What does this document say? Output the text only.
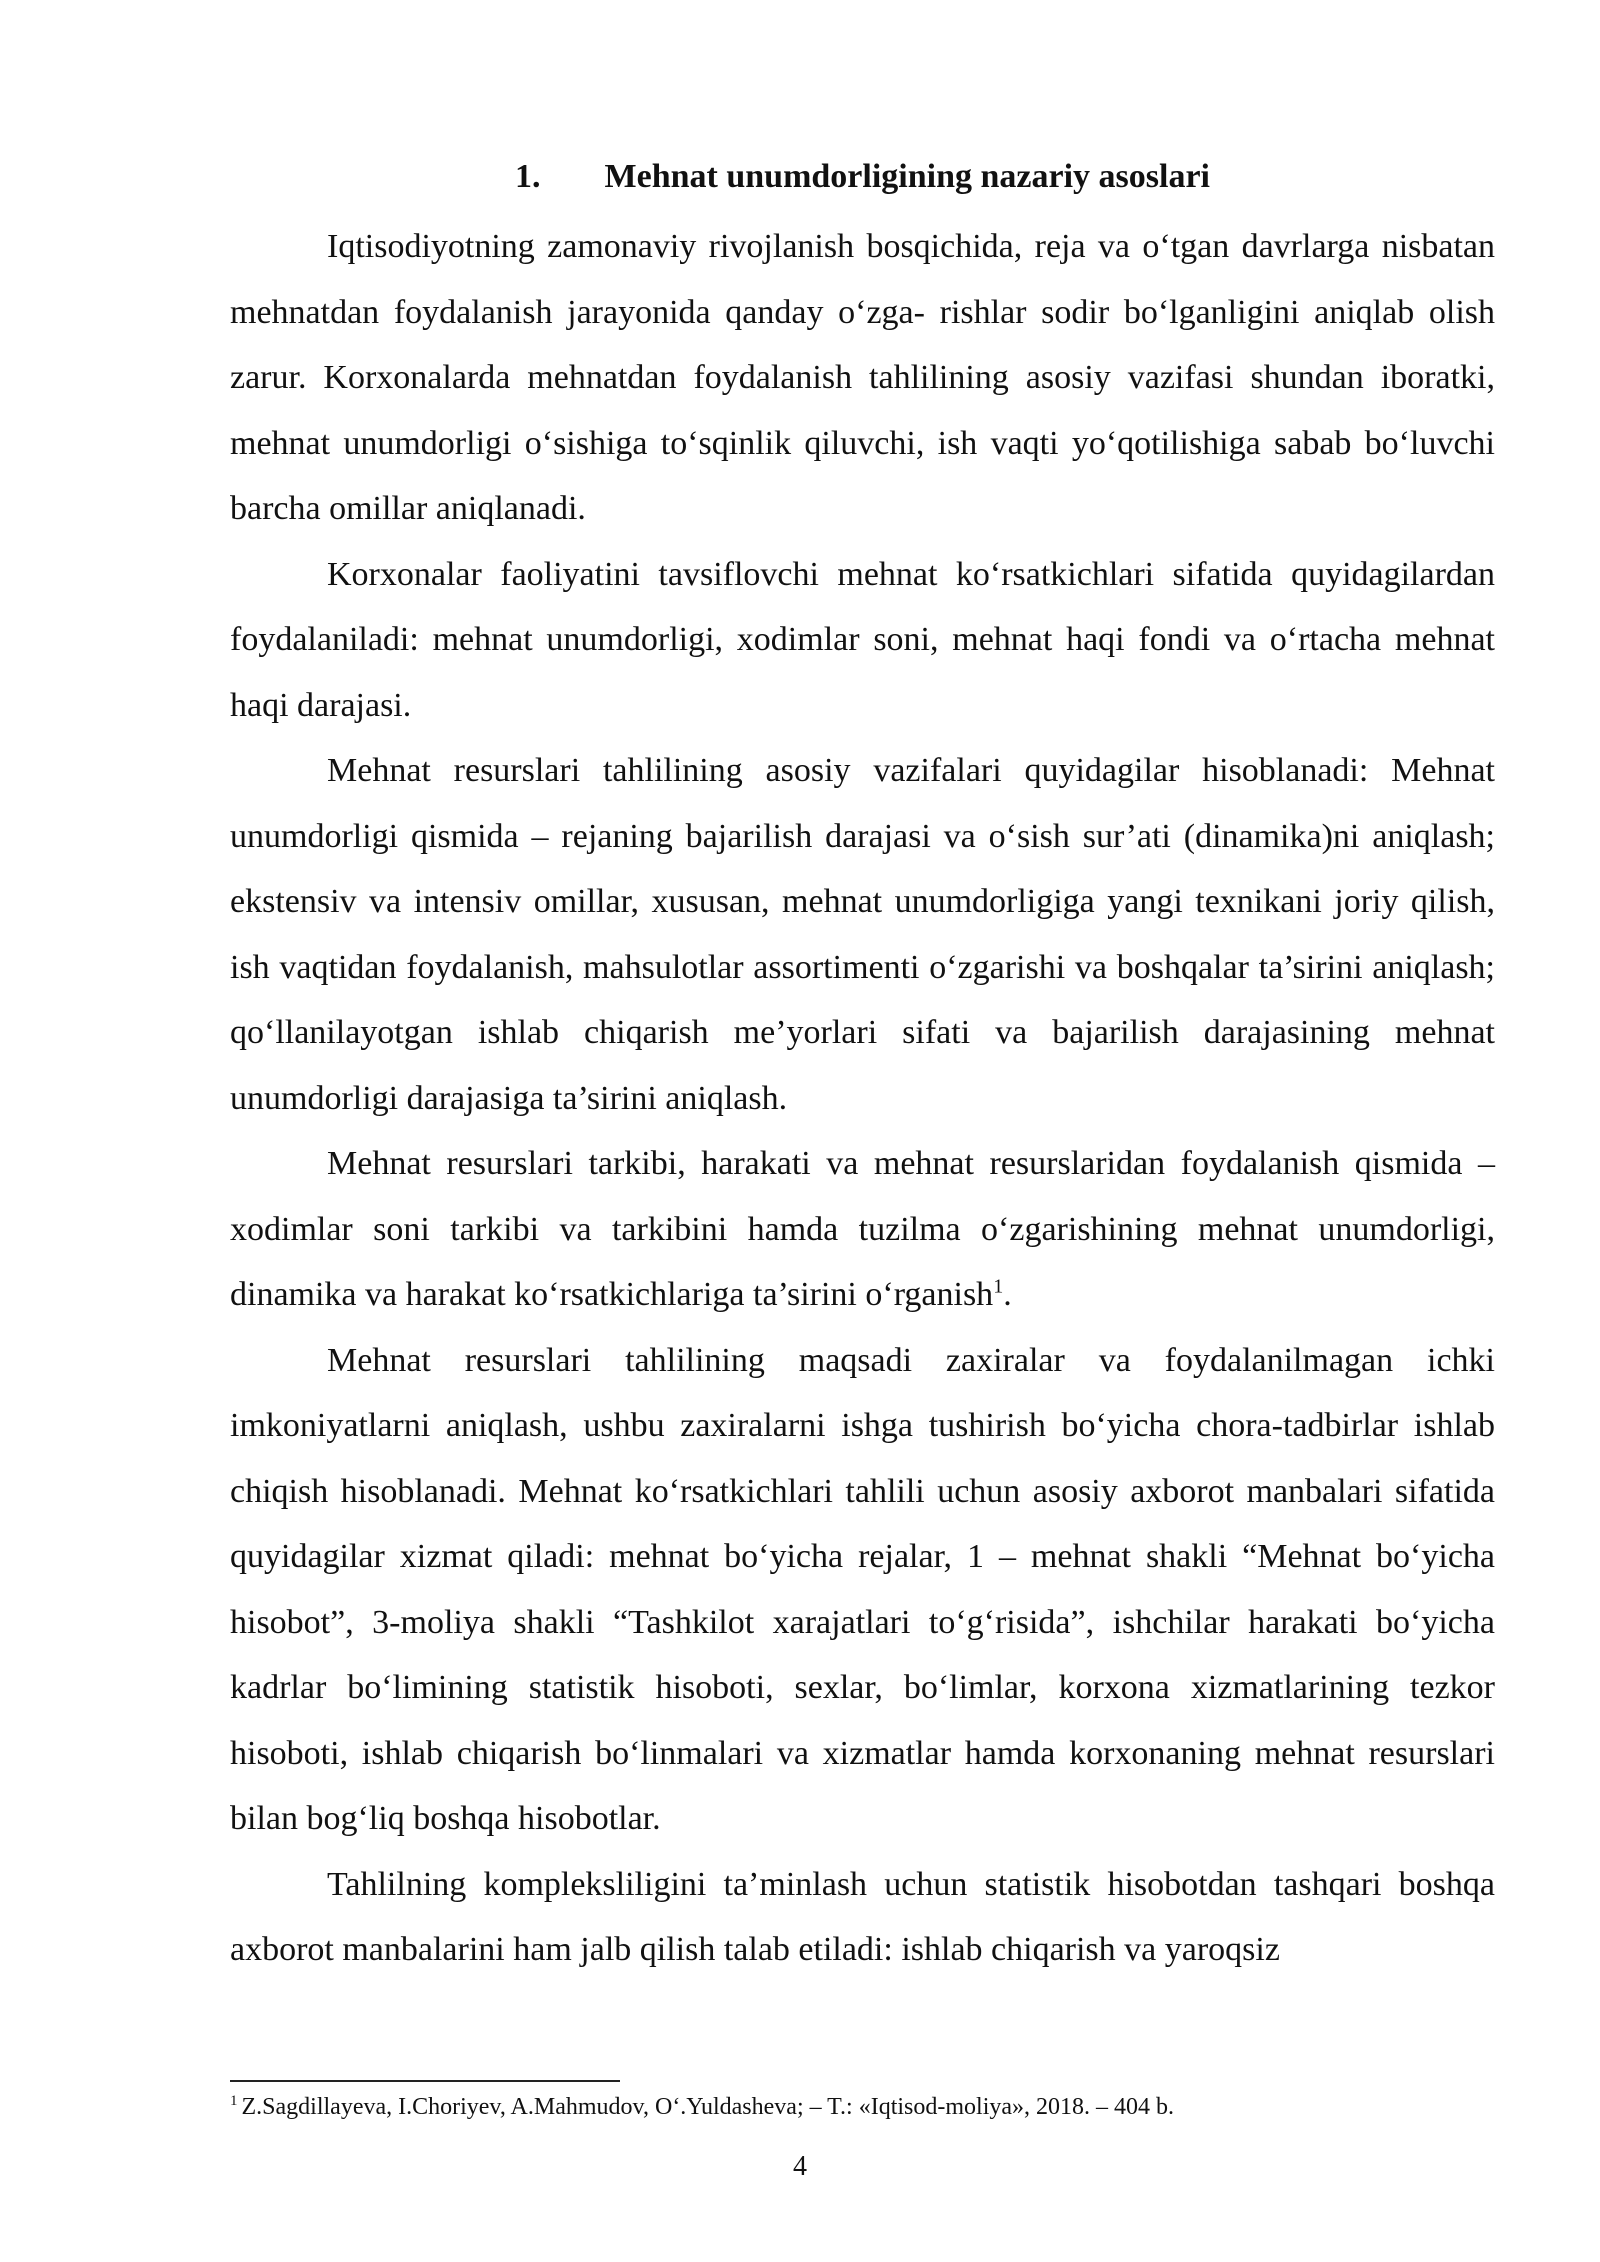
1. Mehnat unumdorligining nazariy asoslari

Iqtisodiyotning zamonaviy rivojlanish bosqichida, reja va o‘tgan davrlarga nisbatan mehnatdan foydalanish jarayonida qanday o‘zga- rishlar sodir bo‘lganligini aniqlab olish zarur. Korxonalarda mehnatdan foydalanish tahlilining asosiy vazifasi shundan iboratki, mehnat unumdorligi o‘sishiga to‘sqinlik qiluvchi, ish vaqti yo‘qotilishiga sabab bo‘luvchi barcha omillar aniqlanadi.

Korxonalar faoliyatini tavsiflovchi mehnat ko‘rsatkichlari sifatida quyidagilardan foydalaniladi: mehnat unumdorligi, xodimlar soni, mehnat haqi fondi va o‘rtacha mehnat haqi darajasi.

Mehnat resurslari tahlilining asosiy vazifalari quyidagilar hisoblanadi: Mehnat unumdorligi qismida – rejaning bajarilish darajasi va o‘sish sur’ati (dinamika)ni aniqlash; ekstensiv va intensiv omillar, xususan, mehnat unumdorligiga yangi texnikani joriy qilish, ish vaqtidan foydalanish, mahsulotlar assortimenti o‘zgarishi va boshqalar ta’sirini aniqlash; qo‘llanilayotgan ishlab chiqarish me’yorlari sifati va bajarilish darajasining mehnat unumdorligi darajasiga ta’sirini aniqlash.

Mehnat resurslari tarkibi, harakati va mehnat resurslaridan foydalanish qismida – xodimlar soni tarkibi va tarkibini hamda tuzilma o‘zgarishining mehnat unumdorligi, dinamika va harakat ko‘rsatkichlariga ta’sirini o‘rganish$^1$.

Mehnat resurslari tahlilining maqsadi zaxiralar va foydalanilmagan ichki imkoniyatlarni aniqlash, ushbu zaxiralarni ishga tushirish bo‘yicha chora-tadbirlar ishlab chiqish hisoblanadi. Mehnat ko‘rsatkichlari tahlili uchun asosiy axborot manbalari sifatida quyidagilar xizmat qiladi: mehnat bo‘yicha rejalar, 1 – mehnat shakli “Mehnat bo‘yicha hisobot”, 3-moliya shakli “Tashkilot xarajatlari to‘g‘risida”, ishchilar harakati bo‘yicha kadrlar bo‘limining statistik hisoboti, sexlar, bo‘limlar, korxona xizmatlarining tezkor hisoboti, ishlab chiqarish bo‘linmalari va xizmatlar hamda korxonaning mehnat resurslari bilan bog‘liq boshqa hisobotlar.

Tahlilning kompleksliligini ta’minlash uchun statistik hisobotdan tashqari boshqa axborot manbalarini ham jalb qilish talab etiladi: ishlab chiqarish va yaroqsiz

$^1$ Z.Sagdillayeva, I.Choriyev, A.Mahmudov, O‘.Yuldasheva; – T.: «Iqtisod-moliya», 2018. – 404 b.
4
